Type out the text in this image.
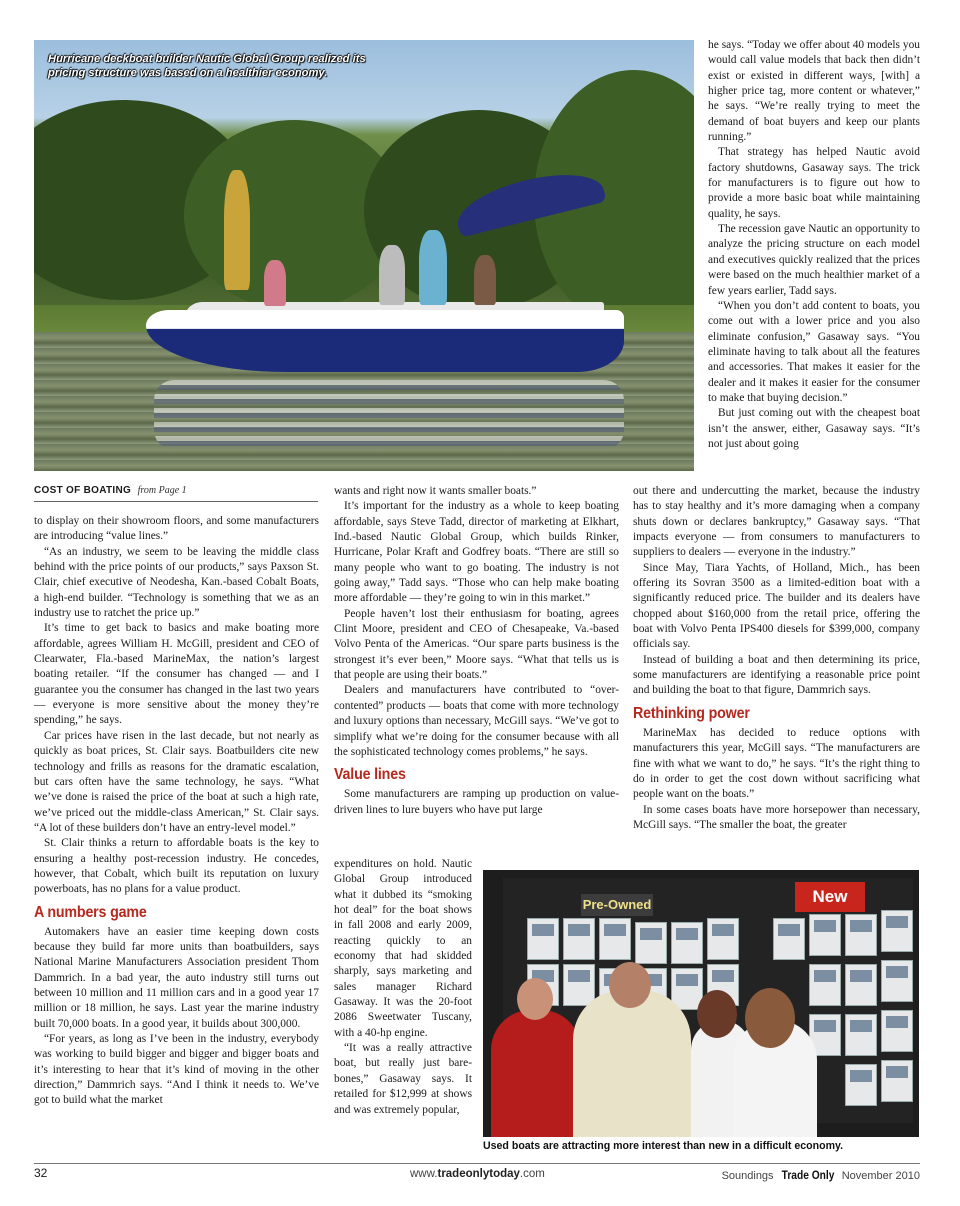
Hurricane deckboat builder Nautic Global Group realized its pricing structure was based on a healthier economy.
COST OF BOATING from Page 1

to display on their showroom floors, and some manufacturers are introducing “value lines.”

“As an industry, we seem to be leaving the middle class behind with the price points of our products,” says Paxson St. Clair, chief executive of Neodesha, Kan.-based Cobalt Boats, a high-end builder. “Technology is something that we as an industry use to ratchet the price up.”

It’s time to get back to basics and make boating more affordable, agrees William H. McGill, president and CEO of Clearwater, Fla.-based MarineMax, the nation’s largest boating retailer. “If the consumer has changed — and I guarantee you the consumer has changed in the last two years — everyone is more sensitive about the money they’re spending,” he says.

Car prices have risen in the last decade, but not nearly as quickly as boat prices, St. Clair says. Boatbuilders cite new technology and frills as reasons for the dramatic escalation, but cars often have the same technology, he says. “What we’ve done is raised the price of the boat at such a high rate, we’ve priced out the middle-class American,” St. Clair says. “A lot of these builders don’t have an entry-level model.”

St. Clair thinks a return to affordable boats is the key to ensuring a healthy post-recession industry. He concedes, however, that Cobalt, which built its reputation on luxury powerboats, has no plans for a value product.

A numbers game

Automakers have an easier time keeping down costs because they build far more units than boatbuilders, says National Marine Manufacturers Association president Thom Dammrich. In a bad year, the auto industry still turns out between 10 million and 11 million cars and in a good year 17 million or 18 million, he says. Last year the marine industry built 70,000 boats. In a good year, it builds about 300,000.

“For years, as long as I’ve been in the industry, everybody was working to build bigger and bigger and bigger boats and it’s interesting to hear that it’s kind of moving in the other direction,” Dammrich says. “And I think it needs to. We’ve got to build what the market

wants and right now it wants smaller boats.”

It’s important for the industry as a whole to keep boating affordable, says Steve Tadd, director of marketing at Elkhart, Ind.-based Nautic Global Group, which builds Rinker, Hurricane, Polar Kraft and Godfrey boats. “There are still so many people who want to go boating. The industry is not going away,” Tadd says. “Those who can help make boating more affordable — they’re going to win in this market.”

People haven’t lost their enthusiasm for boating, agrees Clint Moore, president and CEO of Chesapeake, Va.-based Volvo Penta of the Americas. “Our spare parts business is the strongest it’s ever been,” Moore says. “What that tells us is that people are using their boats.”

Dealers and manufacturers have contributed to “over-contented” products — boats that come with more technology and luxury options than necessary, McGill says. “We’ve got to simplify what we’re doing for the consumer because with all the sophisticated technology comes problems,” he says.

Value lines

Some manufacturers are ramping up production on value-driven lines to lure buyers who have put large

expenditures on hold. Nautic Global Group introduced what it dubbed its “smoking hot deal” for the boat shows in fall 2008 and early 2009, reacting quickly to an economy that had skidded sharply, says marketing and sales manager Richard Gasaway. It was the 20-foot 2086 Sweetwater Tuscany, with a 40-hp engine.

“It was a really attractive boat, but really just bare-bones,” Gasaway says. It retailed for $12,999 at shows and was extremely popular,

he says. “Today we offer about 40 models you would call value models that back then didn’t exist or existed in different ways, [with] a higher price tag, more content or whatever,” he says. “We’re really trying to meet the demand of boat buyers and keep our plants running.”

That strategy has helped Nautic avoid factory shutdowns, Gasaway says. The trick for manufacturers is to figure out how to provide a more basic boat while maintaining quality, he says.

The recession gave Nautic an opportunity to analyze the pricing structure on each model and executives quickly realized that the prices were based on the much healthier market of a few years earlier, Tadd says.

“When you don’t add content to boats, you come out with a lower price and you also eliminate confusion,” Gasaway says. “You eliminate having to talk about all the features and accessories. That makes it easier for the dealer and it makes it easier for the consumer to make that buying decision.”

But just coming out with the cheapest boat isn’t the answer, either, Gasaway says. “It’s not just about going

out there and undercutting the market, because the industry has to stay healthy and it’s more damaging when a company shuts down or declares bankruptcy,” Gasaway says. “That impacts everyone — from consumers to manufacturers to suppliers to dealers — everyone in the industry.”

Since May, Tiara Yachts, of Holland, Mich., has been offering its Sovran 3500 as a limited-edition boat with a significantly reduced price. The builder and its dealers have chopped about $160,000 from the retail price, offering the boat with Volvo Penta IPS400 diesels for $399,000, company officials say.

Instead of building a boat and then determining its price, some manufacturers are identifying a reasonable price point and building the boat to that figure, Dammrich says.

Rethinking power

MarineMax has decided to reduce options with manufacturers this year, McGill says. “The manufacturers are fine with what we want to do,” he says. “It’s the right thing to do in order to get the cost down without sacrificing what people want on the boats.”

In some cases boats have more horsepower than necessary, McGill says. “The smaller the boat, the greater

Pre-Owned	New
Used boats are attracting more interest than new in a difficult economy.
32	www.tradeonlytoday.com	Soundings Trade Only November 2010
